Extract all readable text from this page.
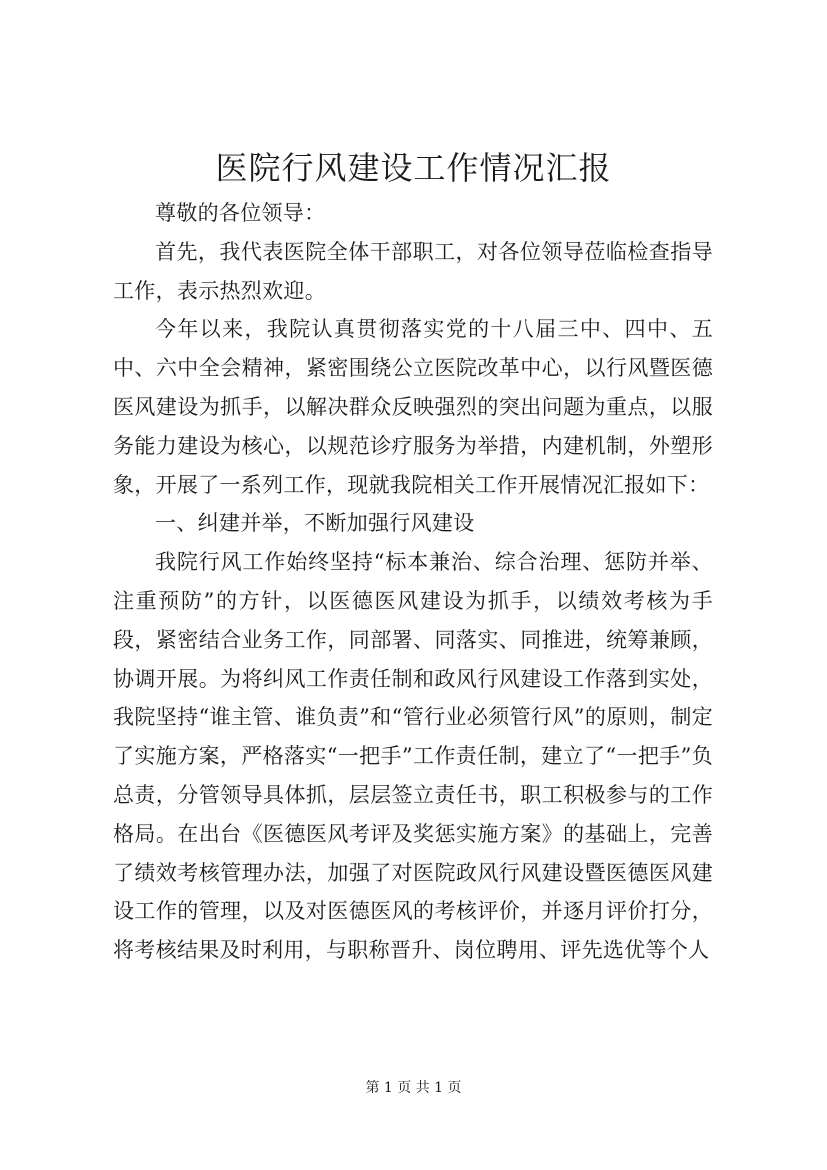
医院行风建设工作情况汇报

尊敬的各位领导：

首先，我代表医院全体干部职工，对各位领导莅临检查指导工作，表示热烈欢迎。

今年以来，我院认真贯彻落实党的十八届三中、四中、五中、六中全会精神，紧密围绕公立医院改革中心，以行风暨医德医风建设为抓手，以解决群众反映强烈的突出问题为重点，以服务能力建设为核心，以规范诊疗服务为举措，内建机制，外塑形象，开展了一系列工作，现就我院相关工作开展情况汇报如下：

一、纠建并举，不断加强行风建设

我院行风工作始终坚持“标本兼治、综合治理、惩防并举、注重预防”的方针，以医德医风建设为抓手，以绩效考核为手段，紧密结合业务工作，同部署、同落实、同推进，统筹兼顾，协调开展。为将纠风工作责任制和政风行风建设工作落到实处，我院坚持“谁主管、谁负责”和“管行业必须管行风”的原则，制定了实施方案，严格落实“一把手”工作责任制，建立了“一把手”负总责，分管领导具体抓，层层签立责任书，职工积极参与的工作格局。在出台《医德医风考评及奖惩实施方案》的基础上，完善了绩效考核管理办法，加强了对医院政风行风建设暨医德医风建设工作的管理，以及对医德医风的考核评价，并逐月评价打分，将考核结果及时利用，与职称晋升、岗位聘用、评先选优等个人

第 1 页 共 1 页
